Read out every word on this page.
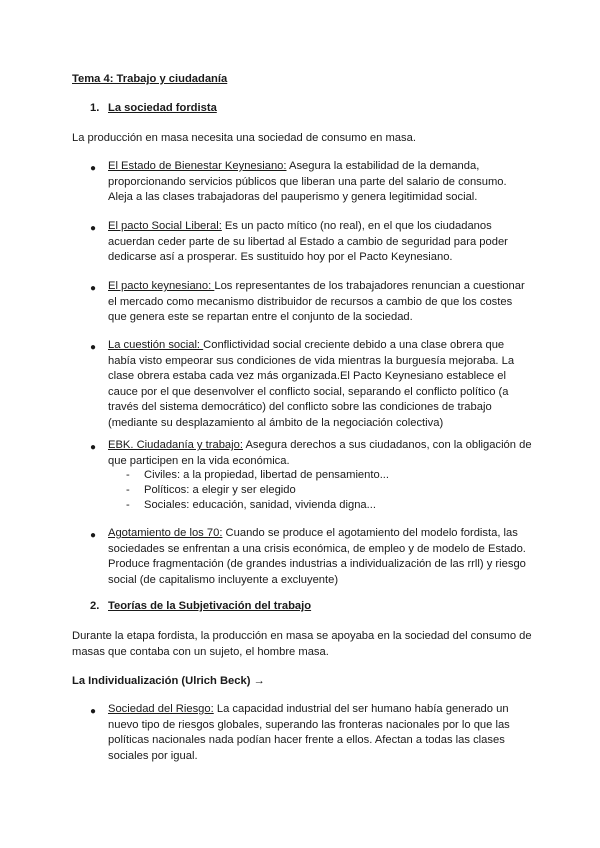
Tema 4: Trabajo y ciudadanía
1. La sociedad fordista
La producción en masa necesita una sociedad de consumo en masa.
● El Estado de Bienestar Keynesiano: Asegura la estabilidad de la demanda, proporcionando servicios públicos que liberan una parte del salario de consumo. Aleja a las clases trabajadoras del pauperismo y genera legitimidad social.
● El pacto Social Liberal: Es un pacto mítico (no real), en el que los ciudadanos acuerdan ceder parte de su libertad al Estado a cambio de seguridad para poder dedicarse así a prosperar. Es sustituido hoy por el Pacto Keynesiano.
● El pacto keynesiano: Los representantes de los trabajadores renuncian a cuestionar el mercado como mecanismo distribuidor de recursos a cambio de que los costes que genera este se repartan entre el conjunto de la sociedad.
● La cuestión social: Conflictividad social creciente debido a una clase obrera que había visto empeorar sus condiciones de vida mientras la burguesía mejoraba. La clase obrera estaba cada vez más organizada.El Pacto Keynesiano establece el cauce por el que desenvolver el conflicto social, separando el conflicto político (a través del sistema democrático) del conflicto sobre las condiciones de trabajo (mediante su desplazamiento al ámbito de la negociación colectiva)
● EBK. Ciudadanía y trabajo: Asegura derechos a sus ciudadanos, con la obligación de que participen en la vida económica.
- Civiles: a la propiedad, libertad de pensamiento...
- Políticos: a elegir y ser elegido
- Sociales: educación, sanidad, vivienda digna...
● Agotamiento de los 70: Cuando se produce el agotamiento del modelo fordista, las sociedades se enfrentan a una crisis económica, de empleo y de modelo de Estado. Produce fragmentación (de grandes industrias a individualización de las rrll) y riesgo social (de capitalismo incluyente a excluyente)
2. Teorías de la Subjetivación del trabajo
Durante la etapa fordista, la producción en masa se apoyaba en la sociedad del consumo de masas que contaba con un sujeto, el hombre masa.
La Individualización (Ulrich Beck) →
● Sociedad del Riesgo: La capacidad industrial del ser humano había generado un nuevo tipo de riesgos globales, superando las fronteras nacionales por lo que las políticas nacionales nada podían hacer frente a ellos. Afectan a todas las clases sociales por igual.
